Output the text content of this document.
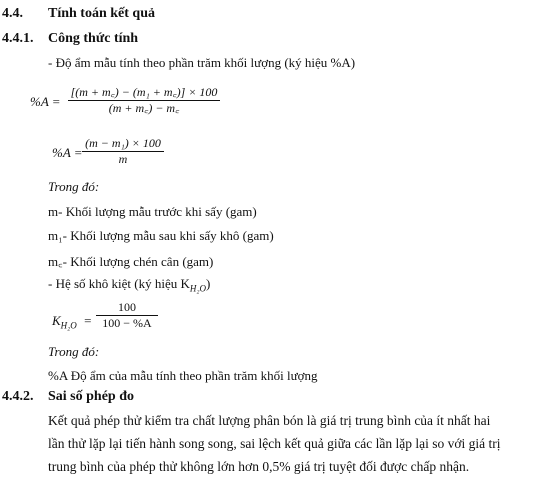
4.4. Tính toán kết quả
4.4.1. Công thức tính
- Độ ẩm mẫu tính theo phần trăm khối lượng (ký hiệu %A)
%A =
[(m + m꜀) − (m₁ + m꜀)] × 100
(m + m꜀) − m꜀
%A =
(m − m₁) × 100
m
Trong đó:
m- Khối lượng mẫu trước khi sấy (gam)
m₁- Khối lượng mẫu sau khi sấy khô (gam)
m꜀- Khối lượng chén cân (gam)
- Hệ số khô kiệt (ký hiệu $K_{H_2O}$)
$K_{H_2O}$ =
100
100 − %A
Trong đó:
%A Độ ẩm của mẫu tính theo phần trăm khối lượng
4.4.2. Sai số phép đo
Kết quả phép thử kiểm tra chất lượng phân bón là giá trị trung bình của ít nhất hai
lần thử lặp lại tiến hành song song, sai lệch kết quả giữa các lần lặp lại so với giá trị
trung bình của phép thử không lớn hơn 0,5% giá trị tuyệt đối được chấp nhận.
